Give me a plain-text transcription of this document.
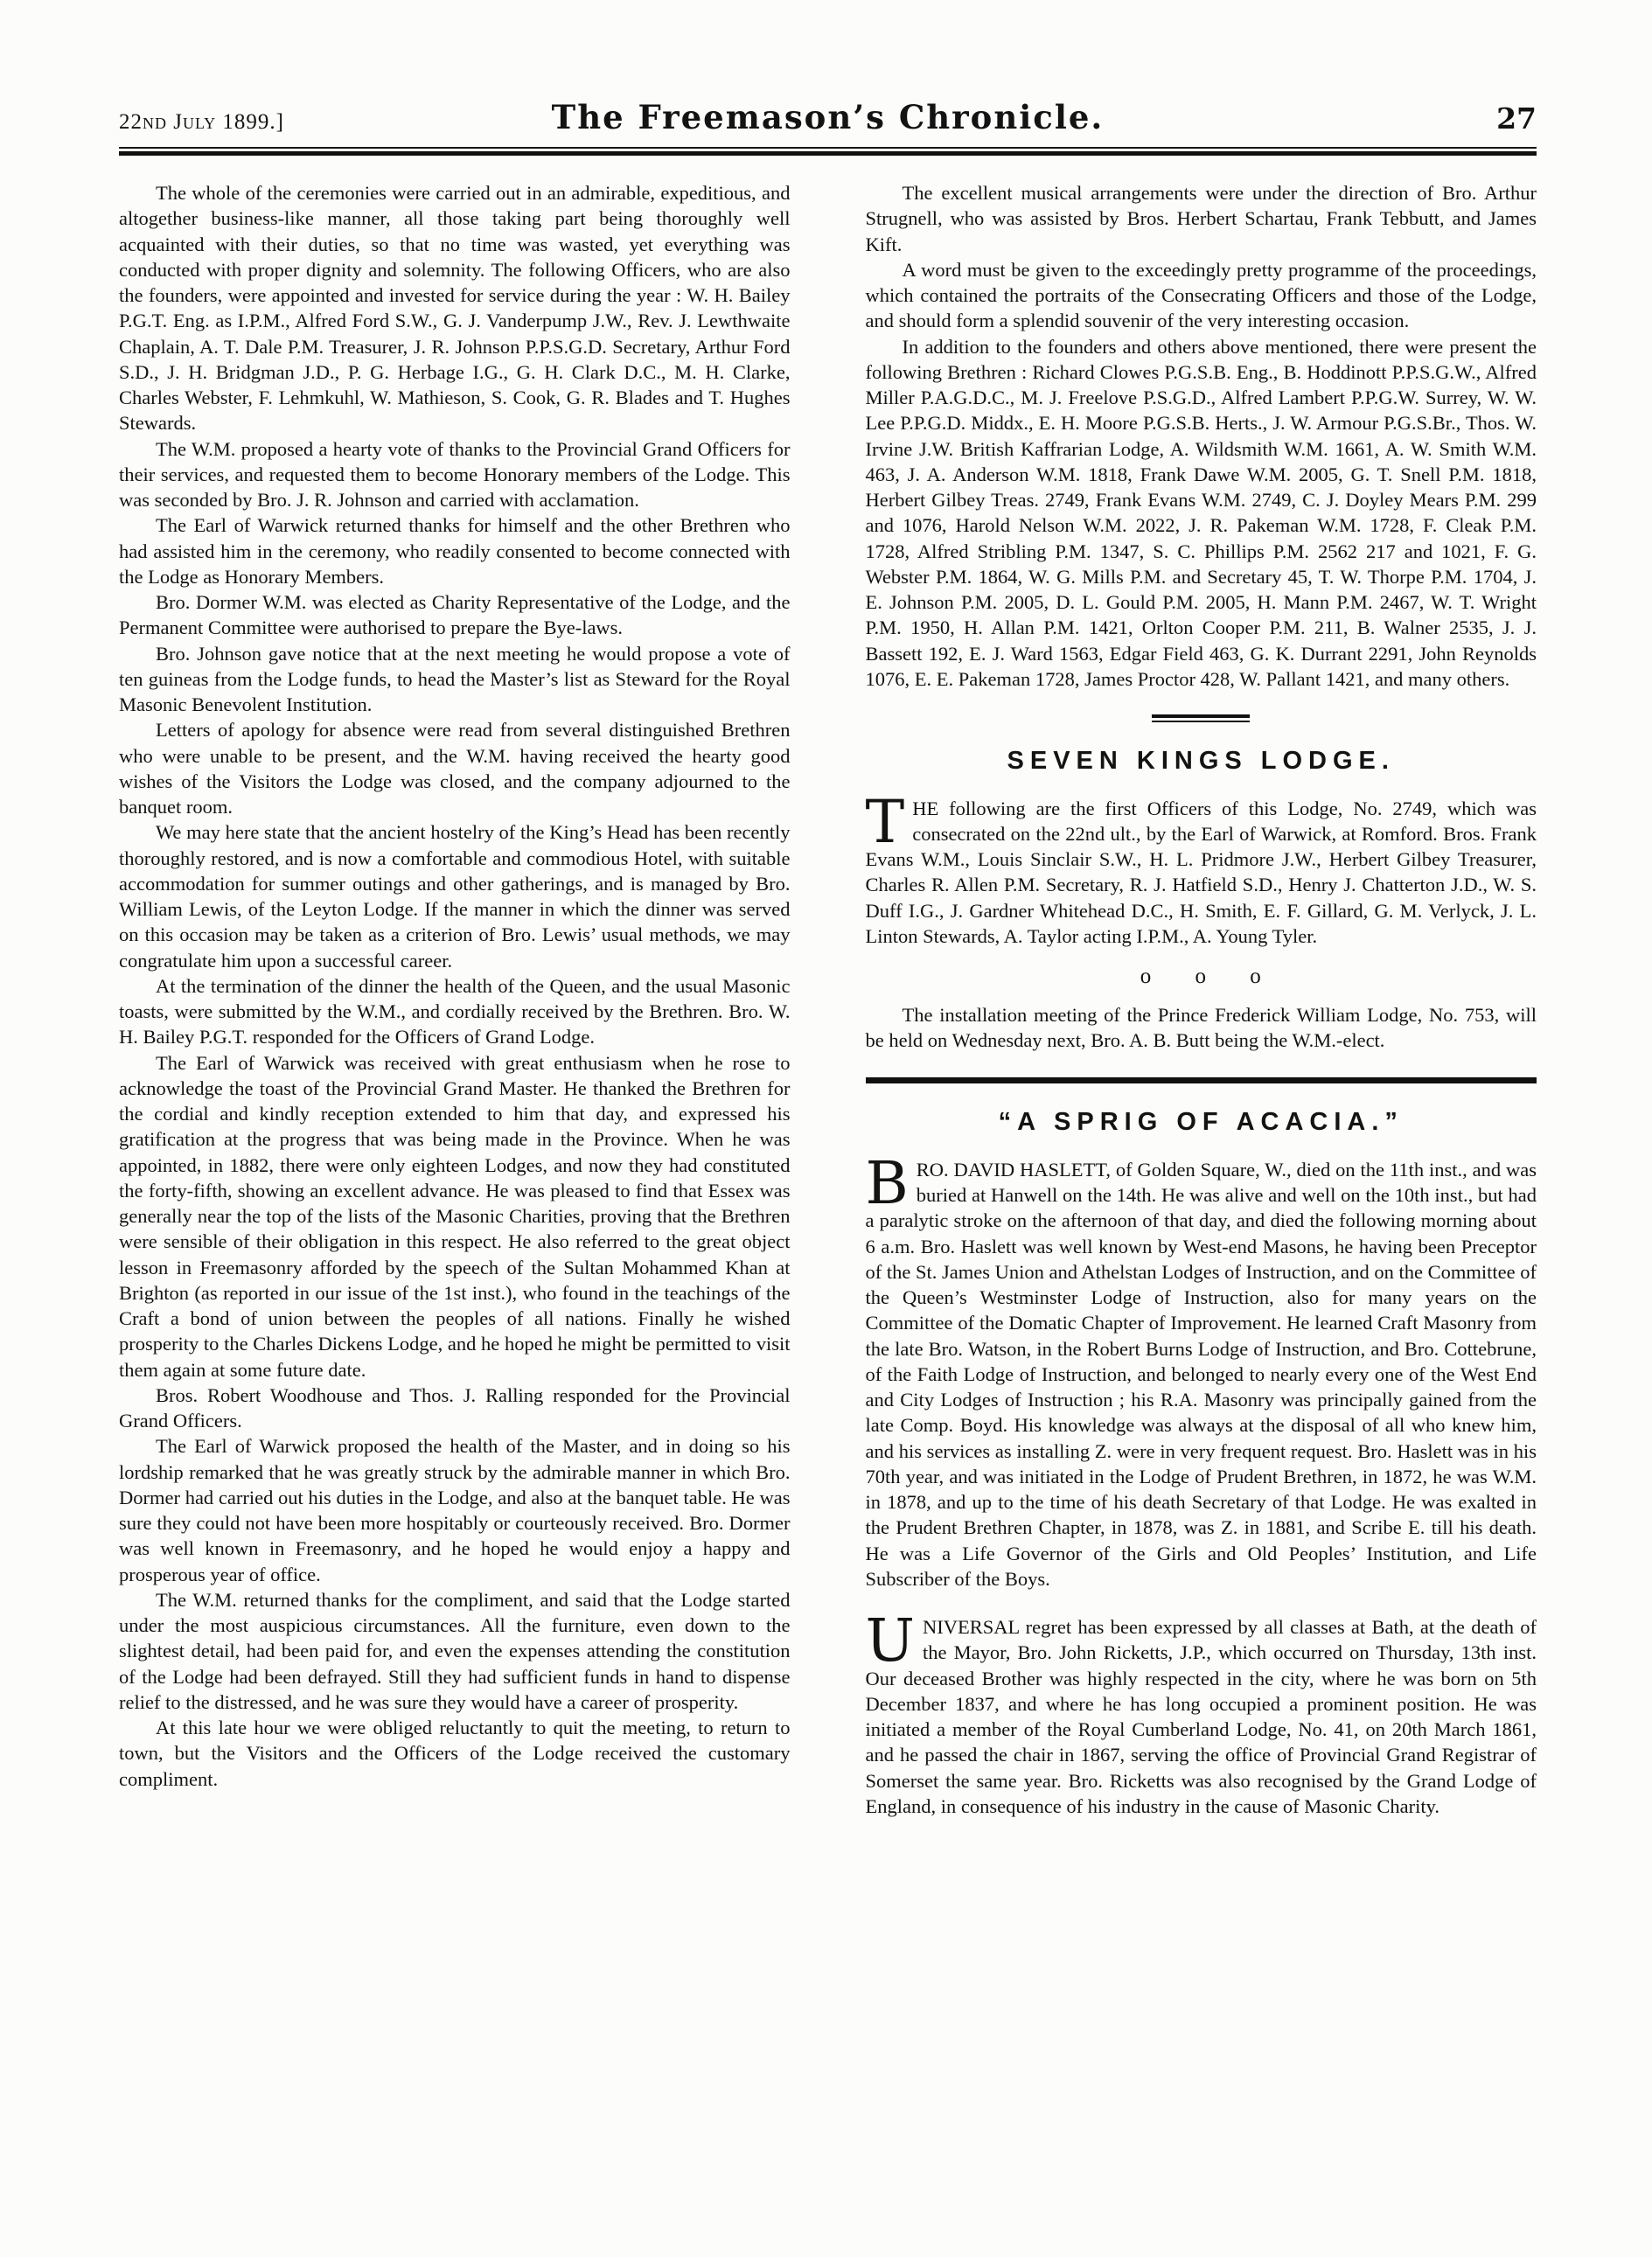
22nd July 1899.]	The Freemason’s Chronicle.	27

The whole of the ceremonies were carried out in an admirable, expeditious, and altogether business-like manner, all those taking part being thoroughly well acquainted with their duties, so that no time was wasted, yet everything was conducted with proper dignity and solemnity. The following Officers, who are also the founders, were appointed and invested for service during the year : W. H. Bailey P.G.T. Eng. as I.P.M., Alfred Ford S.W., G. J. Vanderpump J.W., Rev. J. Lewthwaite Chaplain, A. T. Dale P.M. Treasurer, J. R. Johnson P.P.S.G.D. Secretary, Arthur Ford S.D., J. H. Bridgman J.D., P. G. Herbage I.G., G. H. Clark D.C., M. H. Clarke, Charles Webster, F. Lehmkuhl, W. Mathieson, S. Cook, G. R. Blades and T. Hughes Stewards.

The W.M. proposed a hearty vote of thanks to the Provincial Grand Officers for their services, and requested them to become Honorary members of the Lodge. This was seconded by Bro. J. R. Johnson and carried with acclamation.

The Earl of Warwick returned thanks for himself and the other Brethren who had assisted him in the ceremony, who readily consented to become connected with the Lodge as Honorary Members.

Bro. Dormer W.M. was elected as Charity Representative of the Lodge, and the Permanent Committee were authorised to prepare the Bye-laws.

Bro. Johnson gave notice that at the next meeting he would propose a vote of ten guineas from the Lodge funds, to head the Master’s list as Steward for the Royal Masonic Benevolent Institution.

Letters of apology for absence were read from several distinguished Brethren who were unable to be present, and the W.M. having received the hearty good wishes of the Visitors the Lodge was closed, and the company adjourned to the banquet room.

We may here state that the ancient hostelry of the King’s Head has been recently thoroughly restored, and is now a comfortable and commodious Hotel, with suitable accommodation for summer outings and other gatherings, and is managed by Bro. William Lewis, of the Leyton Lodge. If the manner in which the dinner was served on this occasion may be taken as a criterion of Bro. Lewis’ usual methods, we may congratulate him upon a successful career.

At the termination of the dinner the health of the Queen, and the usual Masonic toasts, were submitted by the W.M., and cordially received by the Brethren. Bro. W. H. Bailey P.G.T. responded for the Officers of Grand Lodge.

The Earl of Warwick was received with great enthusiasm when he rose to acknowledge the toast of the Provincial Grand Master. He thanked the Brethren for the cordial and kindly reception extended to him that day, and expressed his gratification at the progress that was being made in the Province. When he was appointed, in 1882, there were only eighteen Lodges, and now they had constituted the forty-fifth, showing an excellent advance. He was pleased to find that Essex was generally near the top of the lists of the Masonic Charities, proving that the Brethren were sensible of their obligation in this respect. He also referred to the great object lesson in Freemasonry afforded by the speech of the Sultan Mohammed Khan at Brighton (as reported in our issue of the 1st inst.), who found in the teachings of the Craft a bond of union between the peoples of all nations. Finally he wished prosperity to the Charles Dickens Lodge, and he hoped he might be permitted to visit them again at some future date.

Bros. Robert Woodhouse and Thos. J. Ralling responded for the Provincial Grand Officers.

The Earl of Warwick proposed the health of the Master, and in doing so his lordship remarked that he was greatly struck by the admirable manner in which Bro. Dormer had carried out his duties in the Lodge, and also at the banquet table. He was sure they could not have been more hospitably or courteously received. Bro. Dormer was well known in Freemasonry, and he hoped he would enjoy a happy and prosperous year of office.

The W.M. returned thanks for the compliment, and said that the Lodge started under the most auspicious circumstances. All the furniture, even down to the slightest detail, had been paid for, and even the expenses attending the constitution of the Lodge had been defrayed. Still they had sufficient funds in hand to dispense relief to the distressed, and he was sure they would have a career of prosperity.

At this late hour we were obliged reluctantly to quit the meeting, to return to town, but the Visitors and the Officers of the Lodge received the customary compliment.

The excellent musical arrangements were under the direction of Bro. Arthur Strugnell, who was assisted by Bros. Herbert Schartau, Frank Tebbutt, and James Kift.

A word must be given to the exceedingly pretty programme of the proceedings, which contained the portraits of the Consecrating Officers and those of the Lodge, and should form a splendid souvenir of the very interesting occasion.

In addition to the founders and others above mentioned, there were present the following Brethren : Richard Clowes P.G.S.B. Eng., B. Hoddinott P.P.S.G.W., Alfred Miller P.A.G.D.C., M. J. Freelove P.S.G.D., Alfred Lambert P.P.G.W. Surrey, W. W. Lee P.P.G.D. Middx., E. H. Moore P.G.S.B. Herts., J. W. Armour P.G.S.Br., Thos. W. Irvine J.W. British Kaffrarian Lodge, A. Wildsmith W.M. 1661, A. W. Smith W.M. 463, J. A. Anderson W.M. 1818, Frank Dawe W.M. 2005, G. T. Snell P.M. 1818, Herbert Gilbey Treas. 2749, Frank Evans W.M. 2749, C. J. Doyley Mears P.M. 299 and 1076, Harold Nelson W.M. 2022, J. R. Pakeman W.M. 1728, F. Cleak P.M. 1728, Alfred Stribling P.M. 1347, S. C. Phillips P.M. 2562 217 and 1021, F. G. Webster P.M. 1864, W. G. Mills P.M. and Secretary 45, T. W. Thorpe P.M. 1704, J. E. Johnson P.M. 2005, D. L. Gould P.M. 2005, H. Mann P.M. 2467, W. T. Wright P.M. 1950, H. Allan P.M. 1421, Orlton Cooper P.M. 211, B. Walner 2535, J. J. Bassett 192, E. J. Ward 1563, Edgar Field 463, G. K. Durrant 2291, John Reynolds 1076, E. E. Pakeman 1728, James Proctor 428, W. Pallant 1421, and many others.

SEVEN KINGS LODGE.

THE following are the first Officers of this Lodge, No. 2749, which was consecrated on the 22nd ult., by the Earl of Warwick, at Romford. Bros. Frank Evans W.M., Louis Sinclair S.W., H. L. Pridmore J.W., Herbert Gilbey Treasurer, Charles R. Allen P.M. Secretary, R. J. Hatfield S.D., Henry J. Chatterton J.D., W. S. Duff I.G., J. Gardner Whitehead D.C., H. Smith, E. F. Gillard, G. M. Verlyck, J. L. Linton Stewards, A. Taylor acting I.P.M., A. Young Tyler.

o o o

The installation meeting of the Prince Frederick William Lodge, No. 753, will be held on Wednesday next, Bro. A. B. Butt being the W.M.-elect.

“A SPRIG OF ACACIA.”

BRO. DAVID HASLETT, of Golden Square, W., died on the 11th inst., and was buried at Hanwell on the 14th. He was alive and well on the 10th inst., but had a paralytic stroke on the afternoon of that day, and died the following morning about 6 a.m. Bro. Haslett was well known by West-end Masons, he having been Preceptor of the St. James Union and Athelstan Lodges of Instruction, and on the Committee of the Queen’s Westminster Lodge of Instruction, also for many years on the Committee of the Domatic Chapter of Improvement. He learned Craft Masonry from the late Bro. Watson, in the Robert Burns Lodge of Instruction, and Bro. Cottebrune, of the Faith Lodge of Instruction, and belonged to nearly every one of the West End and City Lodges of Instruction ; his R.A. Masonry was principally gained from the late Comp. Boyd. His knowledge was always at the disposal of all who knew him, and his services as installing Z. were in very frequent request. Bro. Haslett was in his 70th year, and was initiated in the Lodge of Prudent Brethren, in 1872, he was W.M. in 1878, and up to the time of his death Secretary of that Lodge. He was exalted in the Prudent Brethren Chapter, in 1878, was Z. in 1881, and Scribe E. till his death. He was a Life Governor of the Girls and Old Peoples’ Institution, and Life Subscriber of the Boys.

UNIVERSAL regret has been expressed by all classes at Bath, at the death of the Mayor, Bro. John Ricketts, J.P., which occurred on Thursday, 13th inst. Our deceased Brother was highly respected in the city, where he was born on 5th December 1837, and where he has long occupied a prominent position. He was initiated a member of the Royal Cumberland Lodge, No. 41, on 20th March 1861, and he passed the chair in 1867, serving the office of Provincial Grand Registrar of Somerset the same year. Bro. Ricketts was also recognised by the Grand Lodge of England, in consequence of his industry in the cause of Masonic Charity.
